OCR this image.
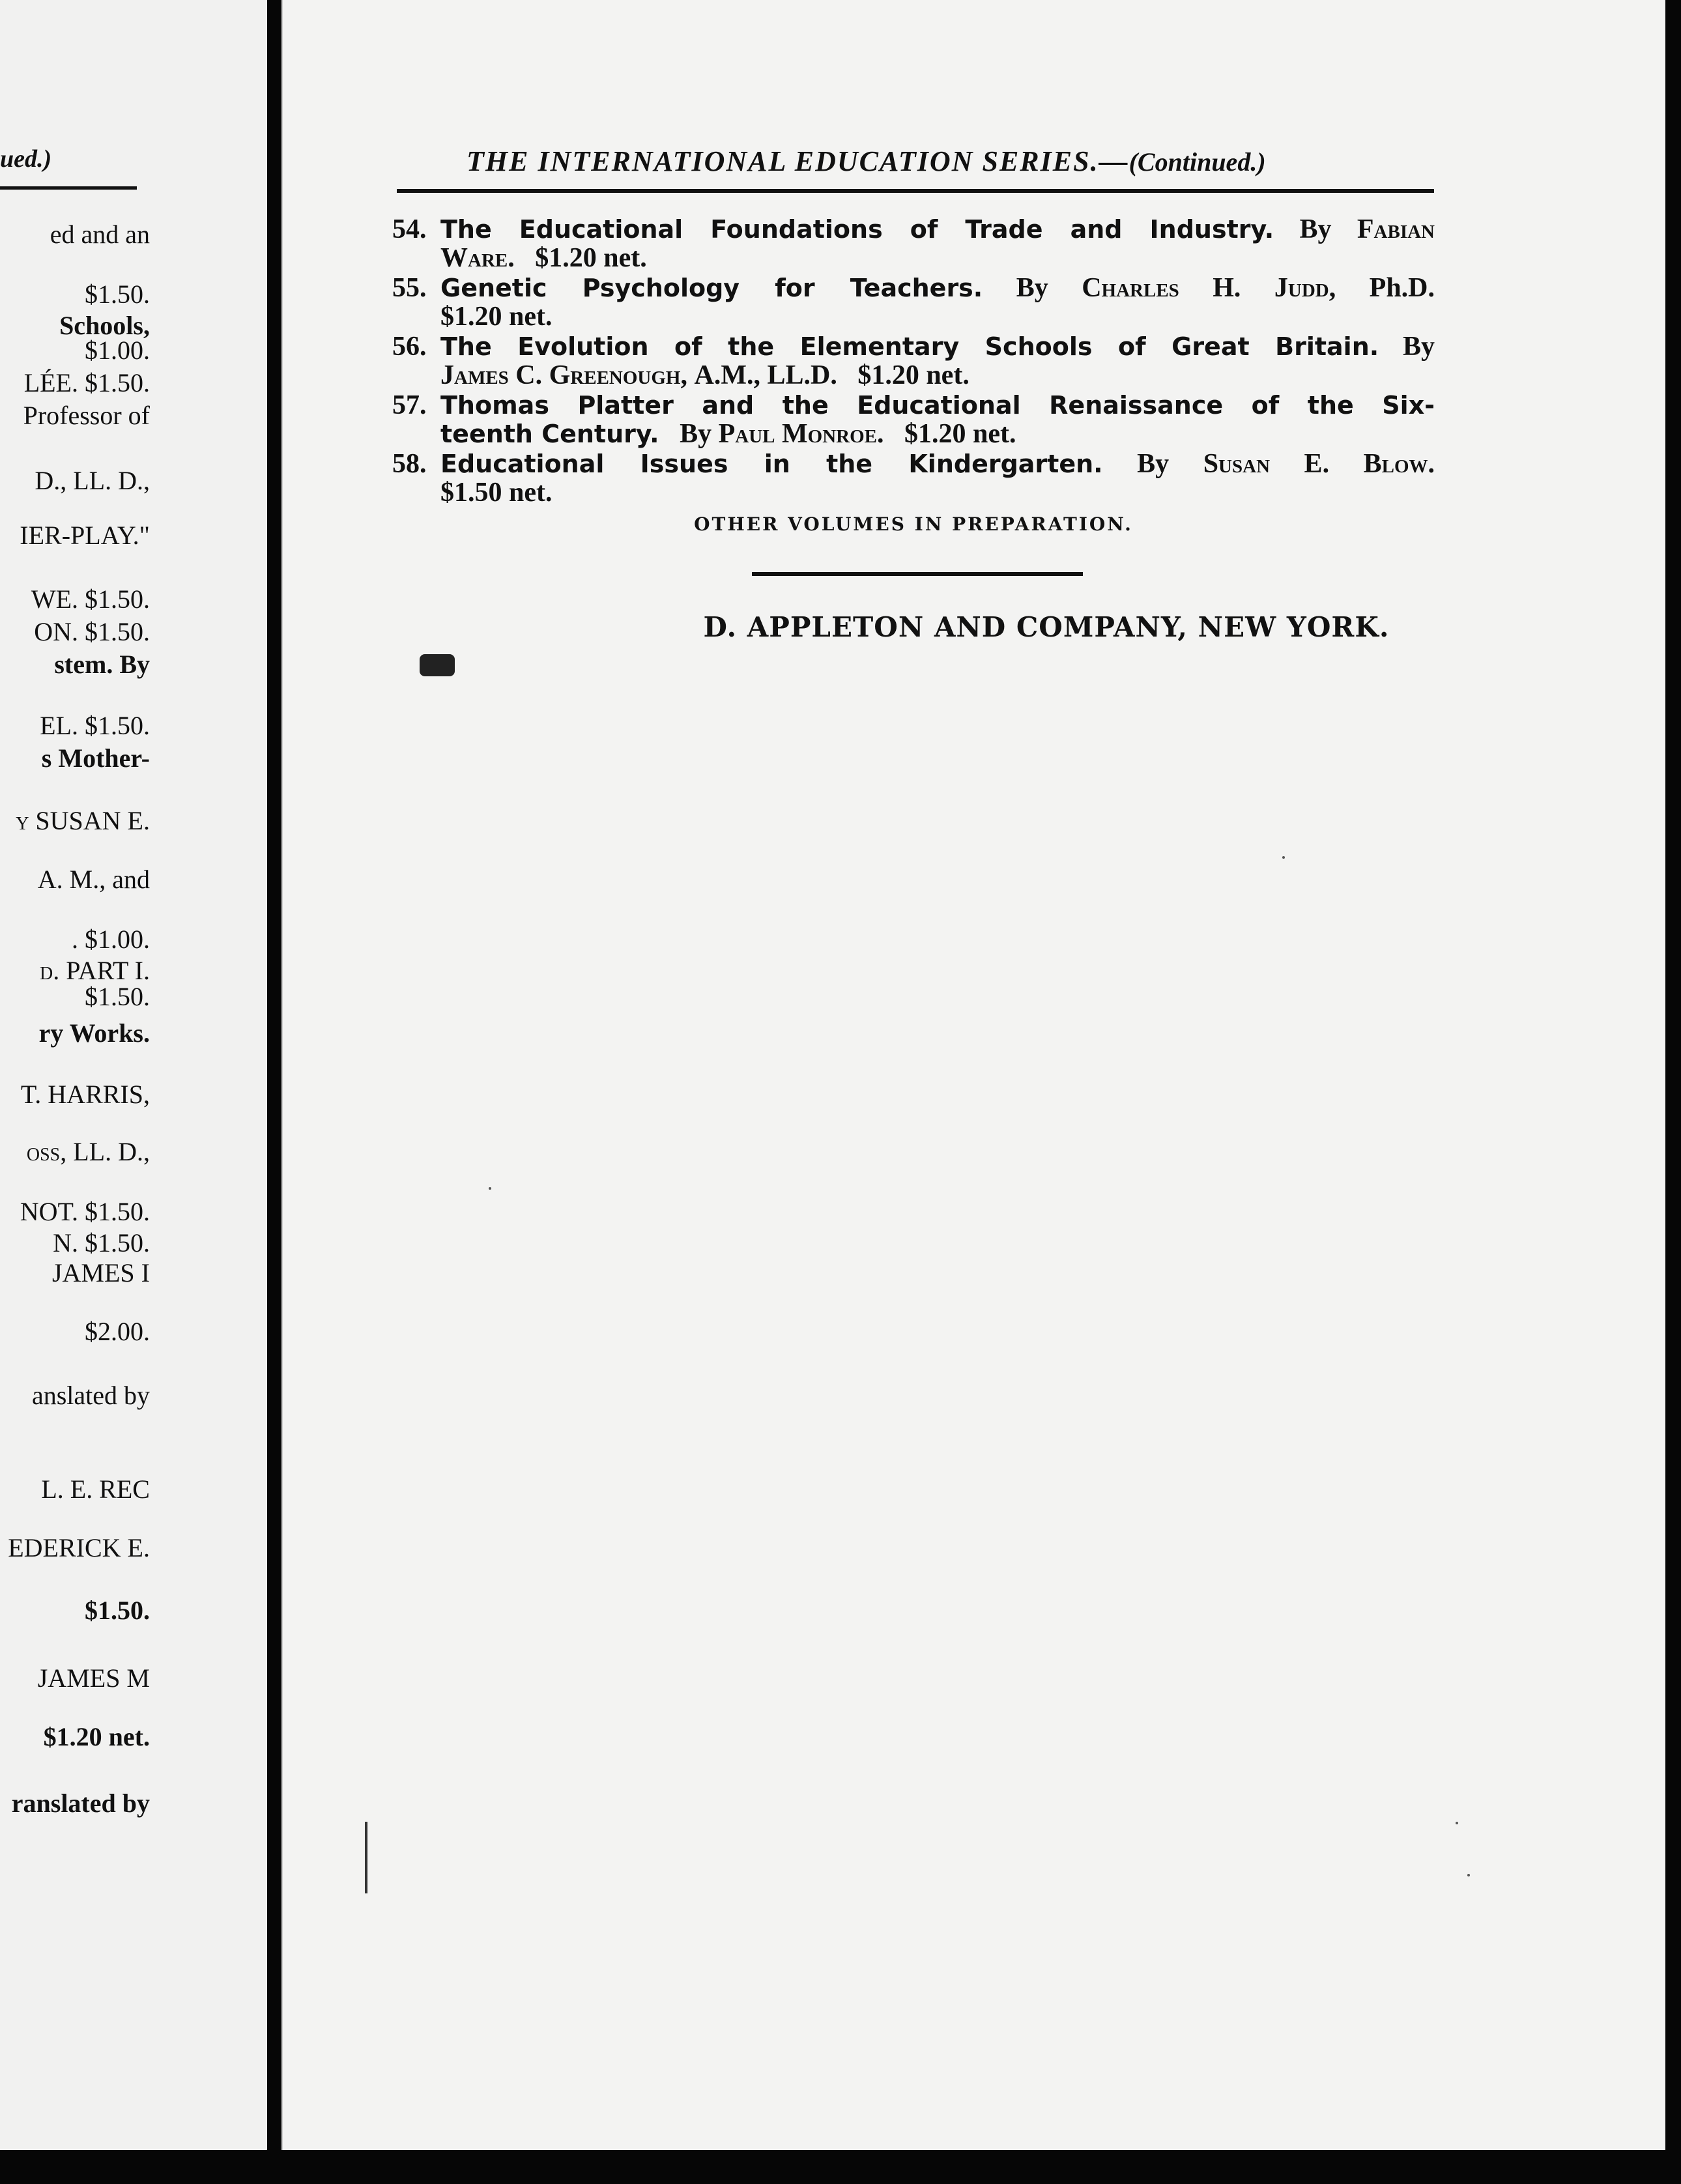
ued.)
ed and an
$1.50.
Schools,
$1.00.
LÉE. $1.50.
Professor of
D., LL. D.,
IER-PLAY."
WE. $1.50.
ON. $1.50.
stem. By
EL. $1.50.
s Mother-
y SUSAN E.
A. M., and
. $1.00.
d. PART I.
$1.50.
ry Works.
T. HARRIS,
oss, LL. D.,
NOT. $1.50.
N. $1.50.
JAMES I
$2.00.
anslated by
L. E. REC
EDERICK E.
$1.50.
JAMES M
$1.20 net.
ranslated by
THE INTERNATIONAL EDUCATION SERIES.—(Continued.)
54. The Educational Foundations of Trade and Industry. By Fabian
Ware. $1.20 net.
55. Genetic Psychology for Teachers. By Charles H. Judd, Ph.D.
$1.20 net.
56. The Evolution of the Elementary Schools of Great Britain. By
James C. Greenough, A.M., LL.D. $1.20 net.
57. Thomas Platter and the Educational Renaissance of the Six-
teenth Century. By Paul Monroe. $1.20 net.
58. Educational Issues in the Kindergarten. By Susan E. Blow.
$1.50 net.
OTHER VOLUMES IN PREPARATION.
D. APPLETON AND COMPANY, NEW YORK.
